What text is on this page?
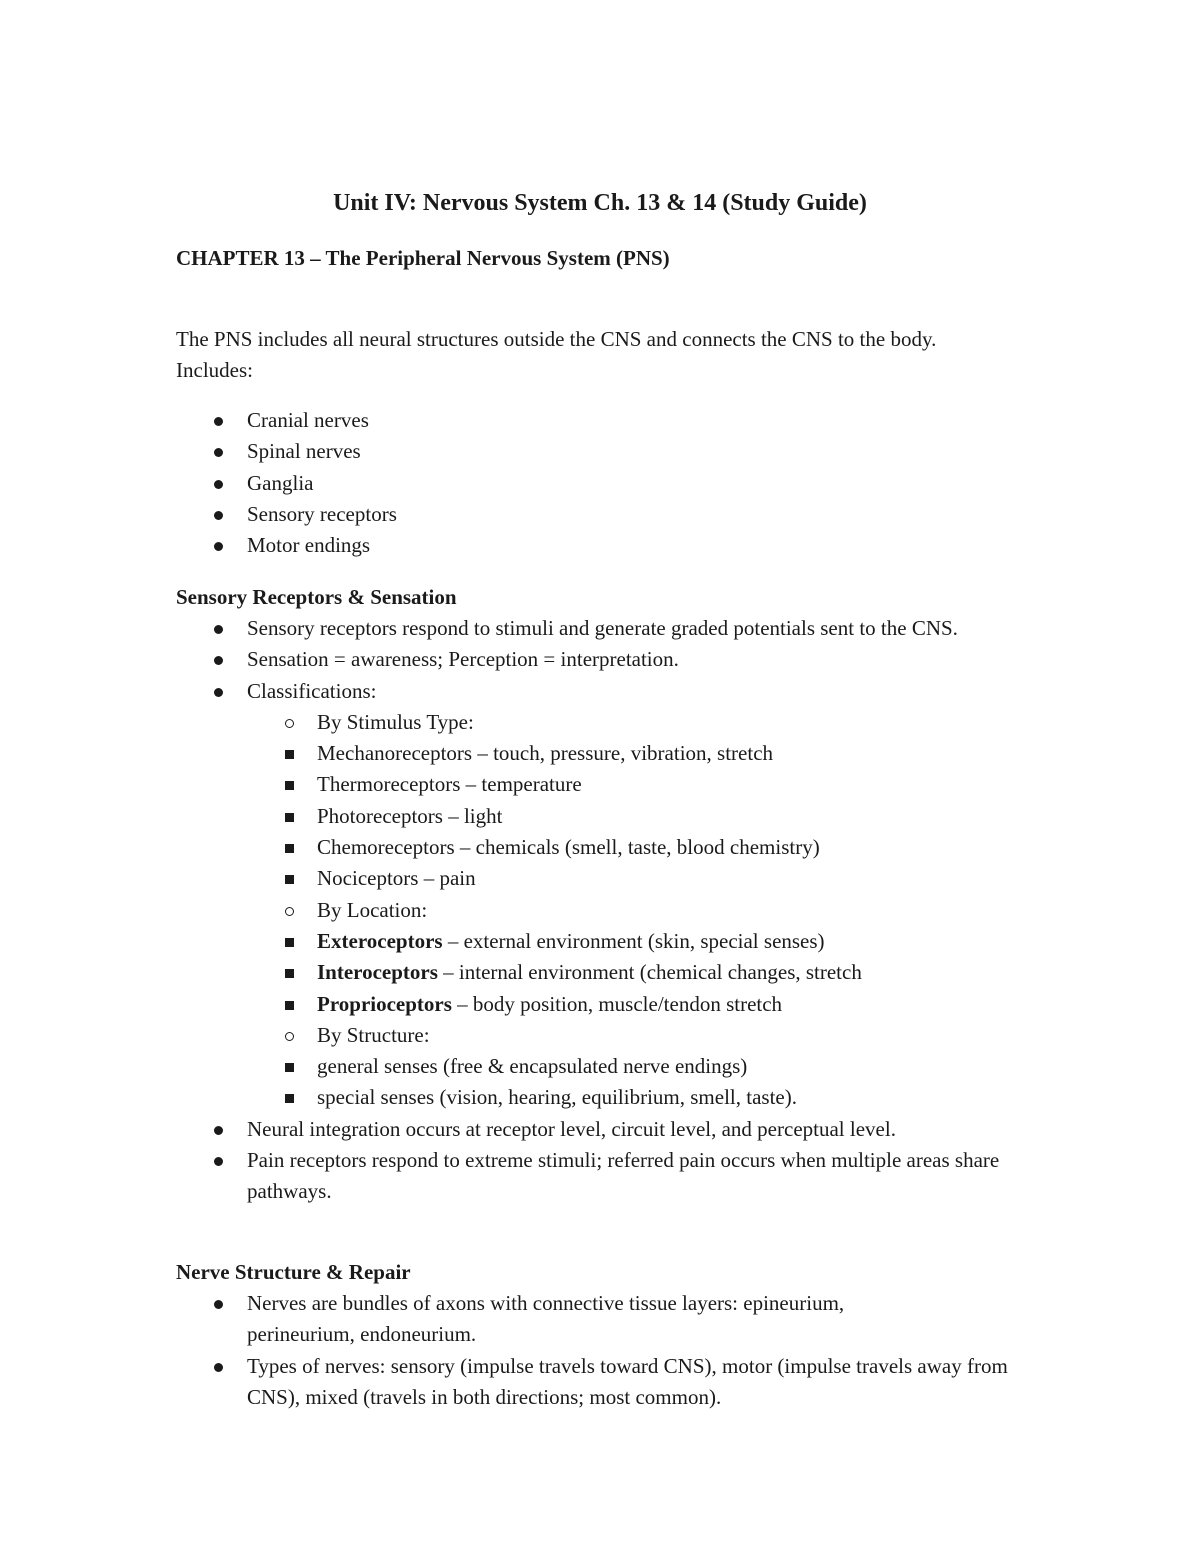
Unit IV: Nervous System Ch. 13 & 14 (Study Guide)
CHAPTER 13 – The Peripheral Nervous System (PNS)
The PNS includes all neural structures outside the CNS and connects the CNS to the body. Includes:
Cranial nerves
Spinal nerves
Ganglia
Sensory receptors
Motor endings
Sensory Receptors & Sensation
Sensory receptors respond to stimuli and generate graded potentials sent to the CNS.
Sensation = awareness; Perception = interpretation.
Classifications:
By Stimulus Type:
Mechanoreceptors – touch, pressure, vibration, stretch
Thermoreceptors – temperature
Photoreceptors – light
Chemoreceptors – chemicals (smell, taste, blood chemistry)
Nociceptors – pain
By Location:
Exteroceptors – external environment (skin, special senses)
Interoceptors – internal environment (chemical changes, stretch
Proprioceptors – body position, muscle/tendon stretch
By Structure:
general senses (free & encapsulated nerve endings)
special senses (vision, hearing, equilibrium, smell, taste).
Neural integration occurs at receptor level, circuit level, and perceptual level.
Pain receptors respond to extreme stimuli; referred pain occurs when multiple areas share pathways.
Nerve Structure & Repair
Nerves are bundles of axons with connective tissue layers: epineurium, perineurium, endoneurium.
Types of nerves: sensory (impulse travels toward CNS), motor (impulse travels away from CNS), mixed (travels in both directions; most common).
